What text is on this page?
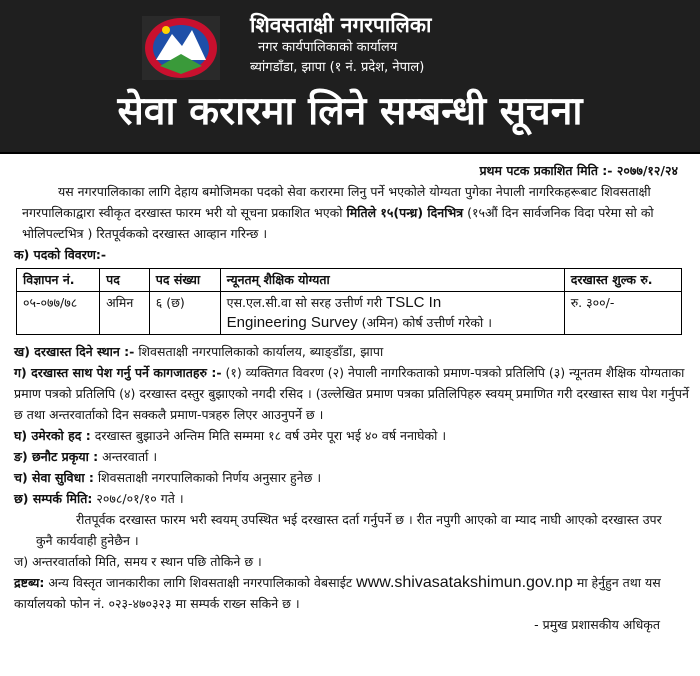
शिवसताक्षी नगरपालिका
नगर कार्यपालिकाको कार्यालय
ब्यांगडाँडा, झापा (१ नं. प्रदेश, नेपाल)
सेवा करारमा लिने सम्बन्धी सूचना
प्रथम पटक प्रकाशित मिति :- २०७७/१२/२४
यस नगरपालिकाका लागि देहाय बमोजिमका पदको सेवा करारमा लिनु पर्ने भएकोले योग्यता पुगेका नेपाली नागरिकहरूबाट शिवसताक्षी नगरपालिकाद्वारा स्वीकृत दरखास्त फारम भरी यो सूचना प्रकाशित भएको मितिले १५(पन्ध्र) दिनभित्र (१५औं दिन सार्वजनिक विदा परेमा सो को भोलिपल्टभित्र ) रितपूर्वकको दरखास्त आव्हान गरिन्छ ।
क) पदको विवरण:-
विज्ञापन नं.	पद	पद संख्या	न्यूनतम् शैक्षिक योग्यता	दरखास्त शुल्क रु.
०५-०७७/७८	अमिन	६ (छ)	एस.एल.सी.वा सो सरह उत्तीर्ण गरी TSLC In
Engineering Survey (अमिन) कोर्ष उत्तीर्ण गरेको ।	रु. ३००/-
ख) दरखास्त दिने स्थान :- शिवसताक्षी नगरपालिकाको कार्यालय, ब्याङ्डाँडा, झापा
ग) दरखास्त साथ पेश गर्नु पर्ने कागजातहरु :- (१) व्यक्तिगत विवरण (२) नेपाली नागरिकताको प्रमाण-पत्रको प्रतिलिपि (३) न्यूनतम शैक्षिक योग्यताका प्रमाण पत्रको प्रतिलिपि (४) दरखास्त दस्तुर बुझाएको नगदी रसिद । (उल्लेखित प्रमाण पत्रका प्रतिलिपिहरु स्वयम् प्रमाणित गरी दरखास्त साथ पेश गर्नुपर्ने छ तथा अन्तरवार्ताको दिन सक्कलै प्रमाण-पत्रहरु लिएर आउनुपर्ने छ ।
घ) उमेरको हद : दरखास्त बुझाउने अन्तिम मिति सम्ममा १८ वर्ष उमेर पूरा भई ४० वर्ष ननाघेको ।
ङ) छनौट प्रकृया : अन्तरवार्ता ।
च) सेवा सुविधा : शिवसताक्षी नगरपालिकाको निर्णय अनुसार हुनेछ ।
छ) सम्पर्क मिति: २०७८/०१/१० गते ।
रीतपूर्वक दरखास्त फारम भरी स्वयम् उपस्थित भई दरखास्त दर्ता गर्नुपर्ने छ । रीत नपुगी आएको वा म्याद नाघी आएको दरखास्त उपर कुनै कार्यवाही हुनेछैन ।
ज) अन्तरवार्ताको मिति, समय र स्थान पछि तोकिने छ ।
द्रष्टब्य: अन्य विस्तृत जानकारीका लागि शिवसताक्षी नगरपालिकाको वेबसाईट www.shivasatakshimun.gov.np मा हेर्नुहुन तथा यस कार्यालयको फोन नं. ०२३-४७०३२३ मा सम्पर्क राख्न सकिने छ ।
- प्रमुख प्रशासकीय अधिकृत
